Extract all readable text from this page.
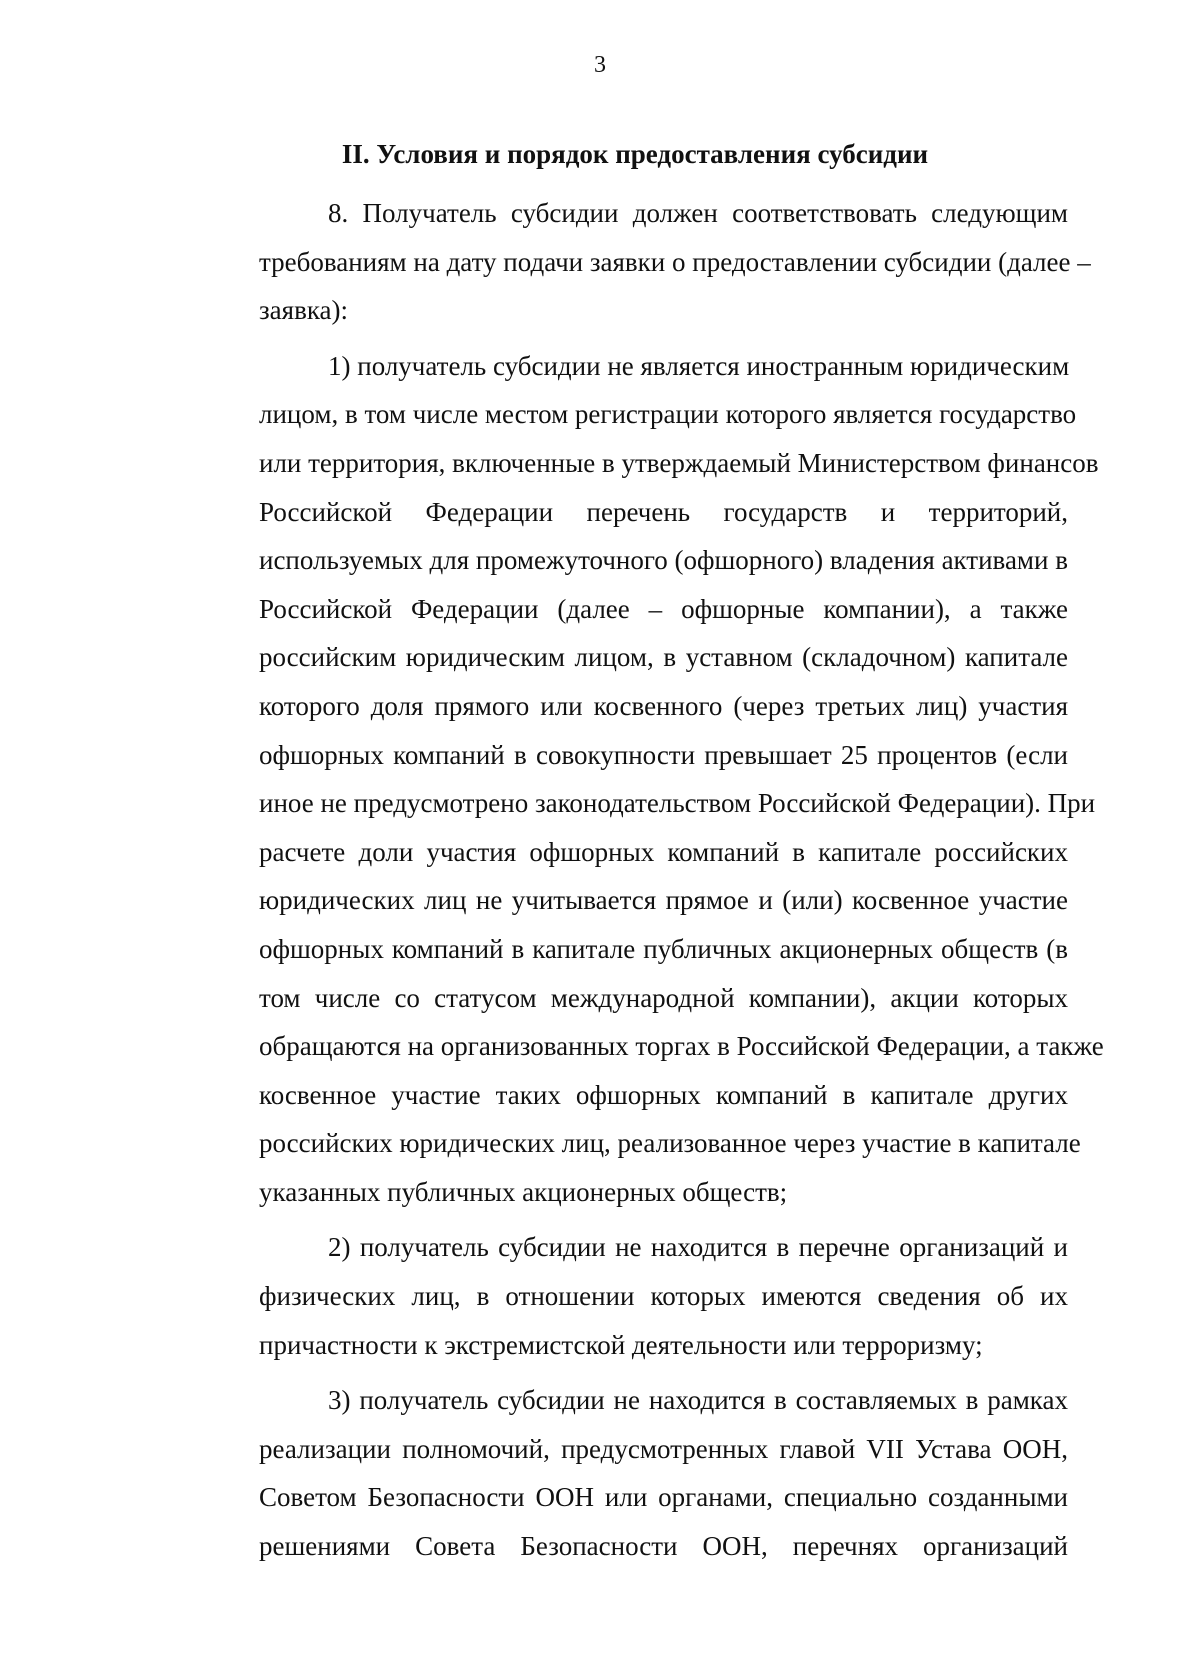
3
II. Условия и порядок предоставления субсидии
8. Получатель субсидии должен соответствовать следующим
требованиям на дату подачи заявки о предоставлении субсидии (далее –
заявка):
1) получатель субсидии не является иностранным юридическим
лицом, в том числе местом регистрации которого является государство
или территория, включенные в утверждаемый Министерством финансов
Российской Федерации перечень государств и территорий,
используемых для промежуточного (офшорного) владения активами в
Российской Федерации (далее – офшорные компании), а также
российским юридическим лицом, в уставном (складочном) капитале
которого доля прямого или косвенного (через третьих лиц) участия
офшорных компаний в совокупности превышает 25 процентов (если
иное не предусмотрено законодательством Российской Федерации). При
расчете доли участия офшорных компаний в капитале российских
юридических лиц не учитывается прямое и (или) косвенное участие
офшорных компаний в капитале публичных акционерных обществ (в
том числе со статусом международной компании), акции которых
обращаются на организованных торгах в Российской Федерации, а также
косвенное участие таких офшорных компаний в капитале других
российских юридических лиц, реализованное через участие в капитале
указанных публичных акционерных обществ;
2) получатель субсидии не находится в перечне организаций и
физических лиц, в отношении которых имеются сведения об их
причастности к экстремистской деятельности или терроризму;
3) получатель субсидии не находится в составляемых в рамках
реализации полномочий, предусмотренных главой VII Устава ООН,
Советом Безопасности ООН или органами, специально созданными
решениями Совета Безопасности ООН, перечнях организаций
